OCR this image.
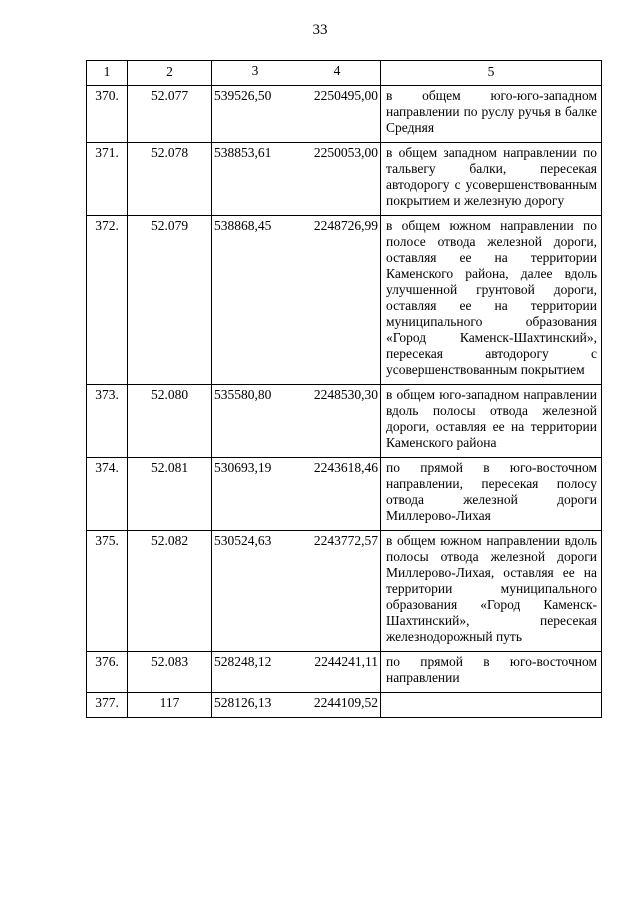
33
1	2	3 4	5
370.	52.077	539526,50 2250495,00	в общем юго-юго-западном направлении по руслу ручья в балке Средняя
371.	52.078	538853,61 2250053,00	в общем западном направлении по тальвегу балки, пересекая автодорогу с усовершенствованным покрытием и железную дорогу
372.	52.079	538868,45 2248726,99	в общем южном направлении по полосе отвода железной дороги, оставляя ее на территории Каменского района, далее вдоль улучшенной грунтовой дороги, оставляя ее на территории муниципального образования «Город Каменск-Шахтинский», пересекая автодорогу с усовершенствованным покрытием
373.	52.080	535580,80 2248530,30	в общем юго-западном направлении вдоль полосы отвода железной дороги, оставляя ее на территории Каменского района
374.	52.081	530693,19 2243618,46	по прямой в юго-восточном направлении, пересекая полосу отвода железной дороги Миллерово-Лихая
375.	52.082	530524,63 2243772,57	в общем южном направлении вдоль полосы отвода железной дороги Миллерово-Лихая, оставляя ее на территории муниципального образования «Город Каменск-Шахтинский», пересекая железнодорожный путь
376.	52.083	528248,12 2244241,11	по прямой в юго-восточном направлении
377.	117	528126,13 2244109,52	
